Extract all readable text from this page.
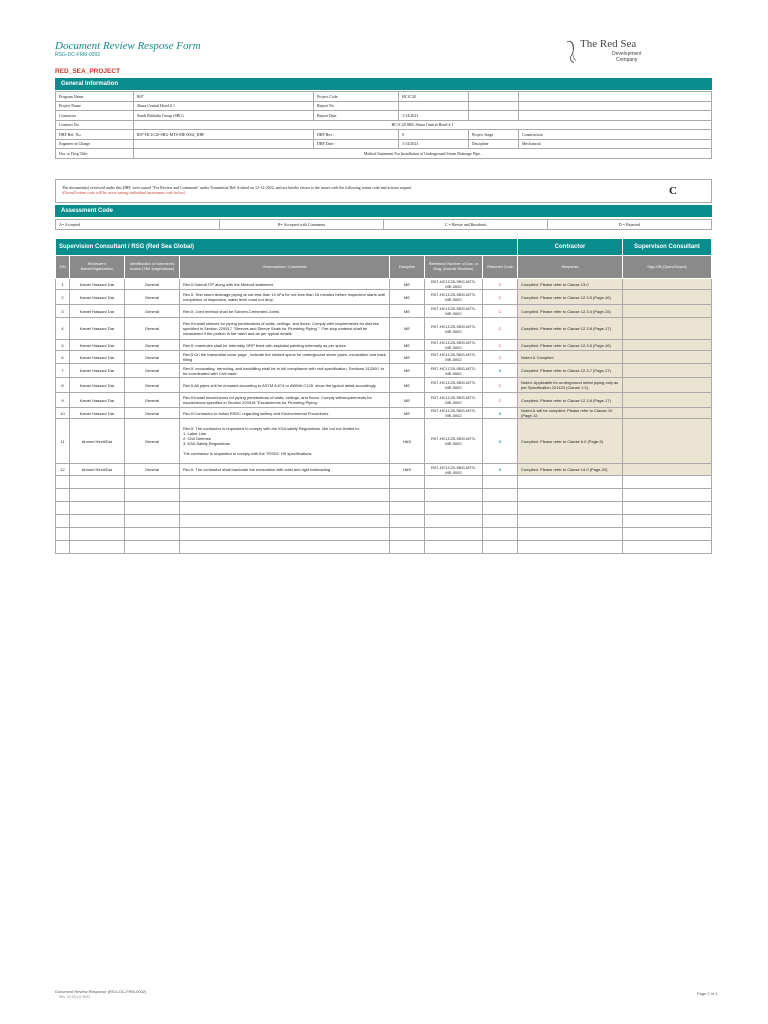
Document Review Respose Form
RSG-DC-FRM-0002
The Red Sea
Development
Company
RED_SEA_PROJECT
General Information
Program Name	R07	Project Code	HC1C20		
Project Name	Shura Central Hotel # 1	Report No.			
Contractor	Saudi Binladin Group (SBG)	Report Date	1/14/2023		
Contract No.	HC1C20 SBG Shura Central Hotel # 1				
DRF Ref. No.	R07-HC1C20-SBG-MTS-ME-0002_DRF	DRF Rev :	0	Project Stage	Construction
Engineer in Charge		DRF Date :	1/14/2023	Discipline	Mechanical
Doc or Dwg Title:	Method Statement For Installation of Underground Storm Drainage Pipe.				
The document(s) reviewed under this DRF, were issued "For Review and Comments" under Transmittal Ref: # dated on 12-12-2022, and are hereby return to the issuer with the following return code and actions request
(Overall return code will be worst among individual assessment code below)	C
Assessment Code
A= Accepted	B= Accepted with Comments	C = Revise and Resubmit	D = Rejected
Supervision Consultant / RSG (Red Sea Global)							Contractor	Supervison Consultant
S/N	Reviewer's Name/Organization	Identification of comment's source (Title /page/clause)	Observations / Comments	Discipline	Reference Number of Doc. or Dwg. (include Revision)	Returned Code	Response	Sign-Off (Open/Closed)
1	Kamel Hassan/ Dar	General	Rev.0:Submit ITP along with the Method statement	ME	R07-HC1C20-SBG-MTS-ME-0002	C	Complied. Please refer to Clause 13.0	
2	Kamel Hassan/ Dar	General	Rev.0: Test storm drainage piping at not less than 10 kPa for not less than 15 minutes before inspection starts until completion of inspection, water level must not drop.	ME	R07-HC1C20-SBG-MTS-ME-0002	C	Complied. Please refer to Clause 12.3.5 (Page-16)	
3	Kamel Hassan/ Dar	General	Rev.0: Joint method shall be Solvent-Cemented Joints	ME	R07-HC1C20-SBG-MTS-ME-0002	C	Complied. Please refer to Clause 12.3.4 (Page-15)	
4	Kamel Hassan/ Dar	General	Rev.0:Install sleeves for piping penetrations of walls, ceilings, and floors. Comply with requirements for sleeves specified in Section 220517 "Sleeves and Sleeve Seals for Plumbing Piping.". Fire stop material shall be considered if the portion is fire rated and as per typical details	ME	R07-HC1C20-SBG-MTS-ME-0002	C	Complied. Please refer to Clause 12.3.8 (Page-17)	
5	Kamel Hassan/ Dar	General	Rev.0: manholes shall be Internally GRP lined with asphalat painting externally as per specs	ME	R07-HC1C20-SBG-MTS-ME-0002	C	Complied. Please refer to Clause 12.3.6 (Page-16)	
6	Kamel Hassan/ Dar	General	Rev.0:On the transmittal cover page , Indicate the related specs for underground storm pipes, excavation and back filling	ME	R07-HC1C20-SBG-MTS-ME-0002	C	Noted & Complied	
7	Kamel Hassan/ Dar	General	Rev.0: excavating, trenching, and backfilling shall be in full compliance with civil specification, Sections 312000. to be coordinated with Civil trade	ME	R07-HC1C20-SBG-MTS-ME-0002	B	Complied. Please refer to Clause 12.3.7 (Page-17)	
8	Kamel Hassan/ Dar	General	Rev.0:All pipes shll be encased according to ASTM A 674 or AWWA C105. show the typical detail accordingly.	ME	R07-HC1C20-SBG-MTS-ME-0002	C	Noted. Applicable for underground metal piping only as per Specification 221423 (Clause 1.2).	
9	Kamel Hassan/ Dar	General	Rev.0:Install escutcheons for piping penetrations of walls, ceilings, and floors. Comply withrequirements for escutcheons specified in Section 220518 "Escutcheons for Plumbing Piping.	ME	R07-HC1C20-SBG-MTS-ME-0002	C	Complied. Please refer to Clause 12.3.8 (Page-17)	
10	Kamel Hassan/ Dar	General	Rev.0:Contractor to follow RSDC regarding saftery and Environmental Procedures	ME	R07-HC1C20-SBG-MTS-ME-0002	B	Noted & will be complied. Please refer to Clause-10 (Page-12	
11	Ahmed Hindi/Dar	General	Rev.0: The contractor is requested to comply with the KSA safety Regulations, like but not limited to:
1. Labor Law
2. Civil Defense
3. KSA Safety Regulations

The contractor is requested to comply with the TRSDC HS specifications.	H&S	R07-HC1C20-SBG-MTS-ME-0002	B	Complied. Please refer to Clause 6.0 (Page-9)	
12	Ahmed Hindi/Dar	General	Rev.0: The contractor shall barricade the excavation with solid and rigid barricading	H&S	R07-HC1C20-SBG-MTS-ME-0002	B	Complied. Please refer to Clause 14.0 (Page-20)	

Document Review Response (RSG-DC-FRM-0002)
Rev. 00 01/12/ 2022
Page 1 of 1
